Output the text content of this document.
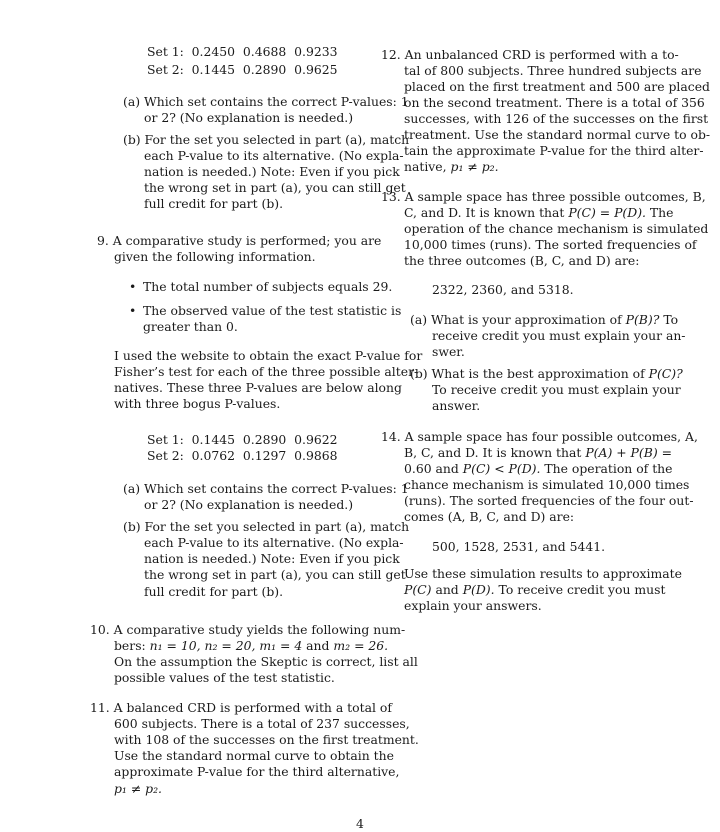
Set 1:  0.2450  0.4688  0.9233
Set 2:  0.1445  0.2890  0.9625
(a) Which set contains the correct P-values: 1
or 2? (No explanation is needed.)
(b) For the set you selected in part (a), match
each P-value to its alternative. (No expla-
nation is needed.) Note: Even if you pick
the wrong set in part (a), you can still get
full credit for part (b).
9. A comparative study is performed; you are
given the following information.
• The total number of subjects equals 29.
• The observed value of the test statistic is
greater than 0.
I used the website to obtain the exact P-value for
Fisher’s test for each of the three possible alter-
natives. These three P-values are below along
with three bogus P-values.
Set 1:  0.1445  0.2890  0.9622
Set 2:  0.0762  0.1297  0.9868
(a) Which set contains the correct P-values: 1
or 2? (No explanation is needed.)
(b) For the set you selected in part (a), match
each P-value to its alternative. (No expla-
nation is needed.) Note: Even if you pick
the wrong set in part (a), you can still get
full credit for part (b).
10. A comparative study yields the following num-
bers: n₁ = 10, n₂ = 20, m₁ = 4 and m₂ = 26.
On the assumption the Skeptic is correct, list all
possible values of the test statistic.
11. A balanced CRD is performed with a total of
600 subjects. There is a total of 237 successes,
with 108 of the successes on the first treatment.
Use the standard normal curve to obtain the
approximate P-value for the third alternative,
p₁ ≠ p₂.
12. An unbalanced CRD is performed with a to-
tal of 800 subjects. Three hundred subjects are
placed on the first treatment and 500 are placed
on the second treatment. There is a total of 356
successes, with 126 of the successes on the first
treatment. Use the standard normal curve to ob-
tain the approximate P-value for the third alter-
native, p₁ ≠ p₂.
13. A sample space has three possible outcomes, B,
C, and D. It is known that P(C) = P(D). The
operation of the chance mechanism is simulated
10,000 times (runs). The sorted frequencies of
the three outcomes (B, C, and D) are:
2322, 2360, and 5318.
(a) What is your approximation of P(B)? To
receive credit you must explain your an-
swer.
(b) What is the best approximation of P(C)?
To receive credit you must explain your
answer.
14. A sample space has four possible outcomes, A,
B, C, and D. It is known that P(A) + P(B) =
0.60 and P(C) < P(D). The operation of the
chance mechanism is simulated 10,000 times
(runs). The sorted frequencies of the four out-
comes (A, B, C, and D) are:
500, 1528, 2531, and 5441.
Use these simulation results to approximate
P(C) and P(D). To receive credit you must
explain your answers.
4
